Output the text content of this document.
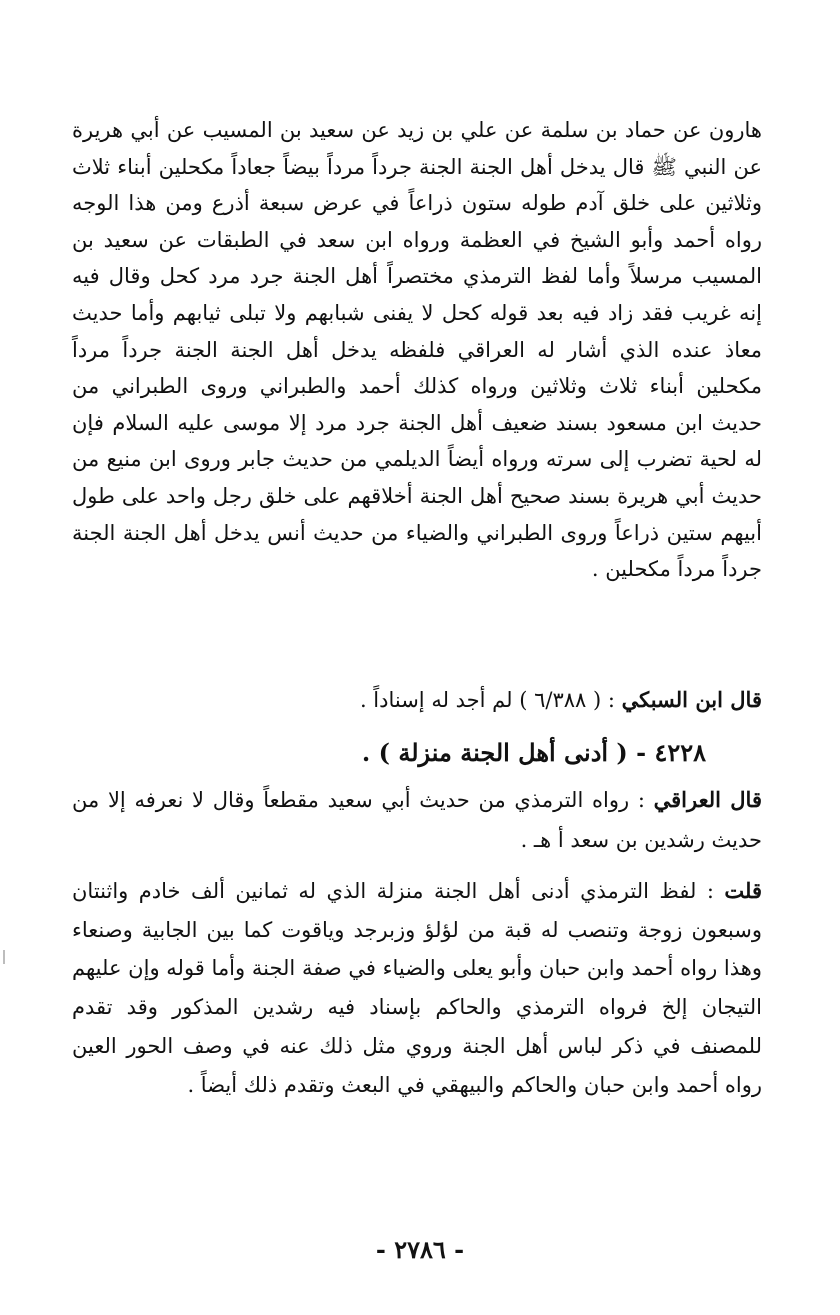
هارون عن حماد بن سلمة عن علي بن زيد عن سعيد بن المسيب عن أبي هريرة عن النبي ﷺ قال يدخل أهل الجنة الجنة جرداً مرداً بيضاً جعاداً مكحلين أبناء ثلاث وثلاثين على خلق آدم طوله ستون ذراعاً في عرض سبعة أذرع ومن هذا الوجه رواه أحمد وأبو الشيخ في العظمة ورواه ابن سعد في الطبقات عن سعيد بن المسيب مرسلاً وأما لفظ الترمذي مختصراً أهل الجنة جرد مرد كحل وقال فيه إنه غريب فقد زاد فيه بعد قوله كحل لا يفنى شبابهم ولا تبلى ثيابهم وأما حديث معاذ عنده الذي أشار له العراقي فلفظه يدخل أهل الجنة الجنة جرداً مرداً مكحلين أبناء ثلاث وثلاثين ورواه كذلك أحمد والطبراني وروى الطبراني من حديث ابن مسعود بسند ضعيف أهل الجنة جرد مرد إلا موسى عليه السلام فإن له لحية تضرب إلى سرته ورواه أيضاً الديلمي من حديث جابر وروى ابن منيع من حديث أبي هريرة بسند صحيح أهل الجنة أخلاقهم على خلق رجل واحد على طول أبيهم ستين ذراعاً وروى الطبراني والضياء من حديث أنس يدخل أهل الجنة الجنة جرداً مرداً مكحلين .

قال ابن السبكي : ( ٦/٣٨٨ ) لم أجد له إسناداً .

٤٢٢٨ - ( أدنى أهل الجنة منزلة ) .

قال العراقي : رواه الترمذي من حديث أبي سعيد مقطعاً وقال لا نعرفه إلا من حديث رشدين بن سعد أ هـ .

قلت : لفظ الترمذي أدنى أهل الجنة منزلة الذي له ثمانين ألف خادم واثنتان وسبعون زوجة وتنصب له قبة من لؤلؤ وزبرجد وياقوت كما بين الجابية وصنعاء وهذا رواه أحمد وابن حبان وأبو يعلى والضياء في صفة الجنة وأما قوله وإن عليهم التيجان إلخ فرواه الترمذي والحاكم بإسناد فيه رشدين المذكور وقد تقدم للمصنف في ذكر لباس أهل الجنة وروي مثل ذلك عنه في وصف الحور العين رواه أحمد وابن حبان والحاكم والبيهقي في البعث وتقدم ذلك أيضاً .

- ٢٧٨٦ -
